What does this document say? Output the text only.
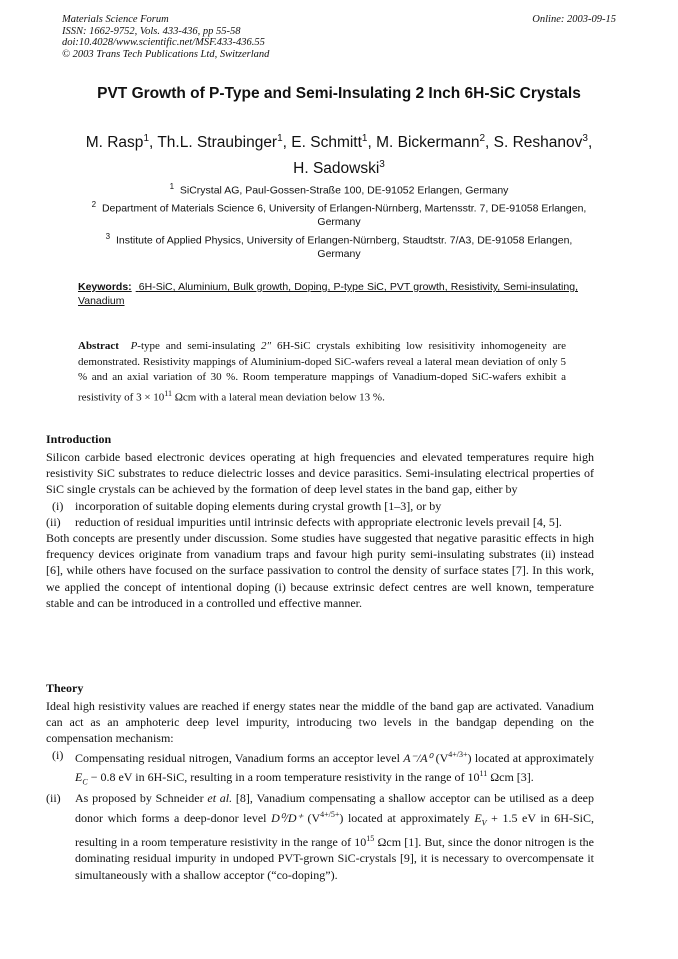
Materials Science Forum
ISSN: 1662-9752, Vols. 433-436, pp 55-58
doi:10.4028/www.scientific.net/MSF.433-436.55
© 2003 Trans Tech Publications Ltd, Switzerland
Online: 2003-09-15
PVT Growth of P-Type and Semi-Insulating 2 Inch 6H-SiC Crystals
M. Rasp$^1$, Th.L. Straubinger$^1$, E. Schmitt$^1$, M. Bickermann$^2$, S. Reshanov$^3$,
H. Sadowski$^3$
$^1$ SiCrystal AG, Paul-Gossen-Straße 100, DE-91052 Erlangen, Germany
$^2$ Department of Materials Science 6, University of Erlangen-Nürnberg, Martensstr. 7, DE-91058 Erlangen,
Germany
$^3$ Institute of Applied Physics, University of Erlangen-Nürnberg, Staudtstr. 7/A3, DE-91058 Erlangen,
Germany
Keywords: 6H-SiC, Aluminium, Bulk growth, Doping, P-type SiC, PVT growth, Resistivity, Semi-insulating, Vanadium
Abstract P-type and semi-insulating 2″ 6H-SiC crystals exhibiting low resisitivity inhomogeneity are demonstrated. Resistivity mappings of Aluminium-doped SiC-wafers reveal a lateral mean deviation of only 5 % and an axial variation of 30 %. Room temperature mappings of Vanadium-doped SiC-wafers exhibit a resistivity of $3 \times 10^{11}$ Ωcm with a lateral mean deviation below 13 %.
Introduction

Silicon carbide based electronic devices operating at high frequencies and elevated temperatures require high resistivity SiC substrates to reduce dielectric losses and device parasitics. Semi-insulating electrical properties of SiC single crystals can be achieved by the formation of deep level states in the band gap, either by

(i) incorporation of suitable doping elements during crystal growth [1–3], or by
(ii) reduction of residual impurities until intrinsic defects with appropriate electronic levels prevail [4, 5].

Both concepts are presently under discussion. Some studies have suggested that negative parasitic effects in high frequency devices originate from vanadium traps and favour high purity semi-insulating substrates (ii) instead [6], while others have focused on the surface passivation to control the density of surface states [7]. In this work, we applied the concept of intentional doping (i) because extrinsic defect centres are well known, temperature stable and can be introduced in a controlled und effective manner.

Theory

Ideal high resistivity values are reached if energy states near the middle of the band gap are activated. Vanadium can act as an amphoteric deep level impurity, introducing two levels in the bandgap depending on the compensation mechanism:

(i) Compensating residual nitrogen, Vanadium forms an acceptor level A⁻/A⁰ $(V^{4+/3+})$ located at approximately $E_C - 0.8$ eV in 6H-SiC, resulting in a room temperature resistivity in the range of $10^{11}$ Ωcm [3].
(ii) As proposed by Schneider et al. [8], Vanadium compensating a shallow acceptor can be utilised as a deep donor which forms a deep-donor level D⁰/D⁺ $(V^{4+/5+})$ located at approximately $E_V + 1.5$ eV in 6H-SiC, resulting in a room temperature resistivity in the range of $10^{15}$ Ωcm [1]. But, since the donor nitrogen is the dominating residual impurity in undoped PVT-grown SiC-crystals [9], it is necessary to overcompensate it simultaneously with a shallow acceptor (“co-doping”).
